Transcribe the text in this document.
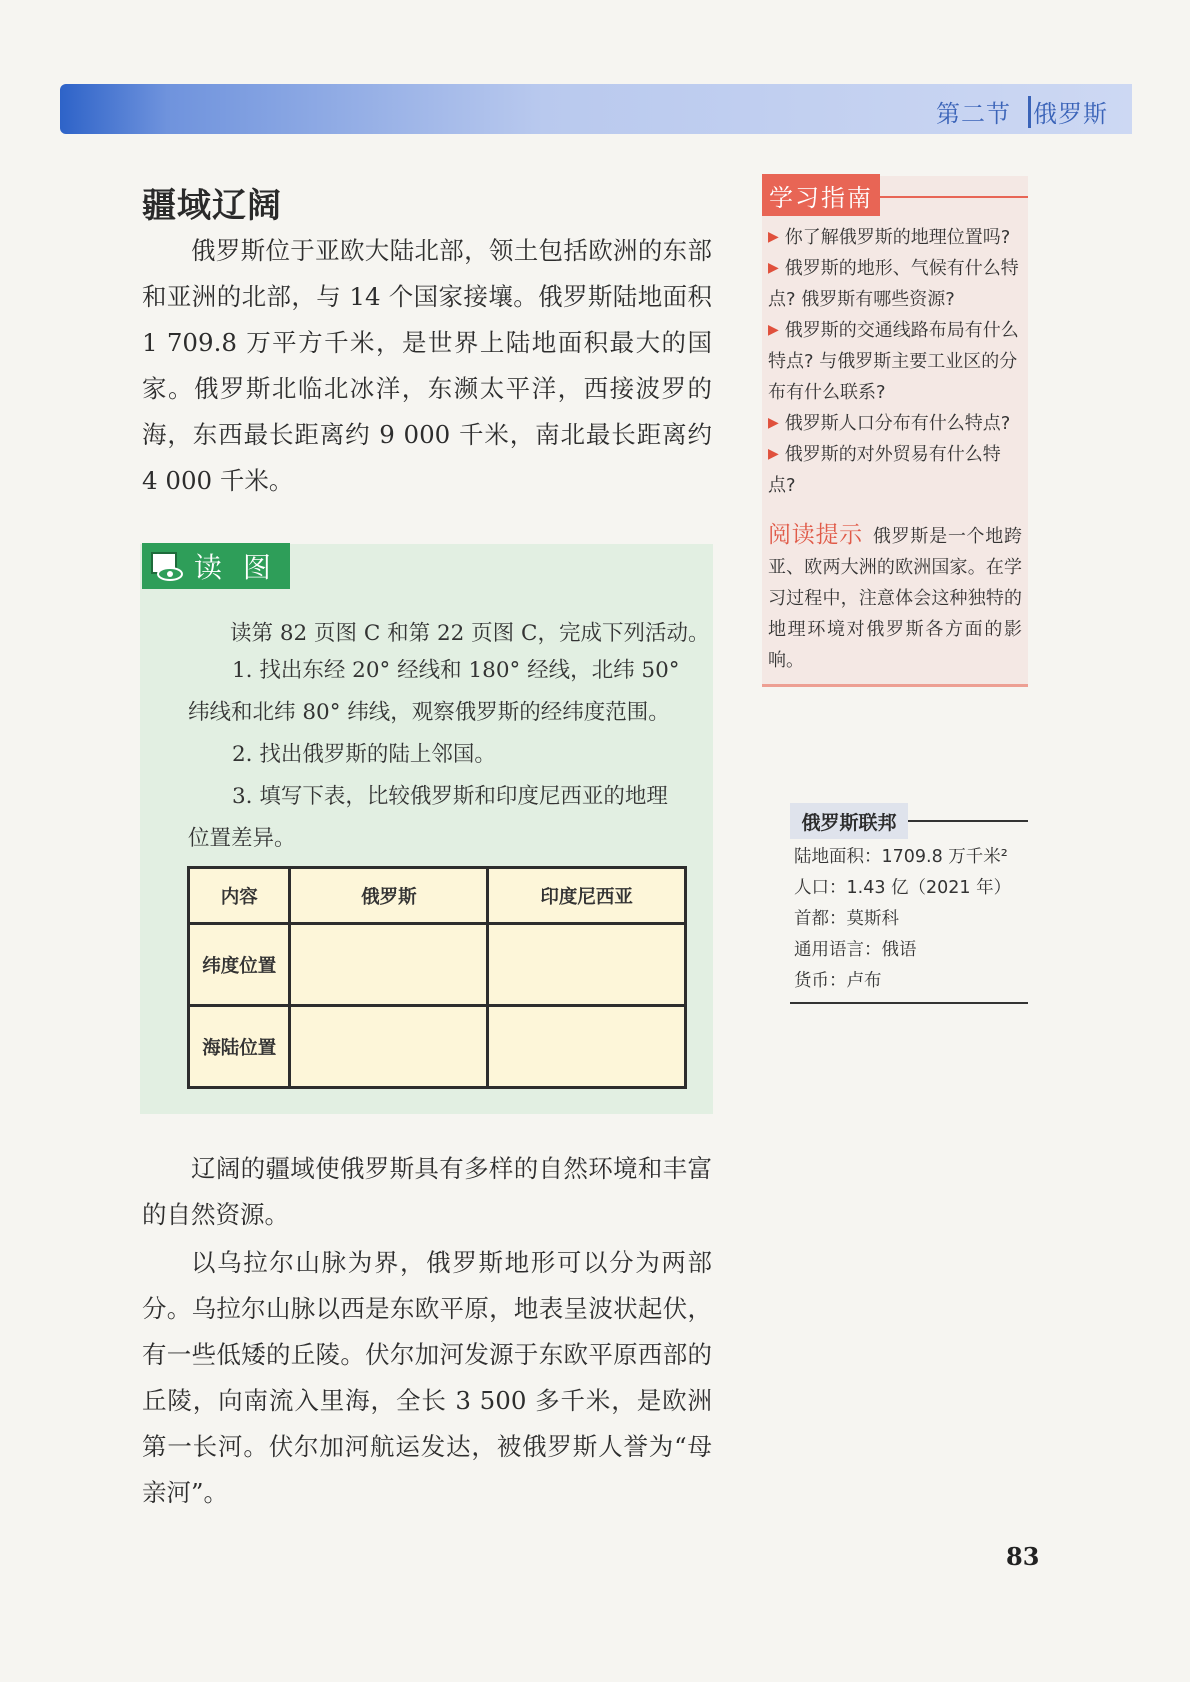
第二节 俄罗斯
疆域辽阔

俄罗斯位于亚欧大陆北部，领土包括欧洲的东部和亚洲的北部，与 14 个国家接壤。俄罗斯陆地面积 1 709.8 万平方千米，是世界上陆地面积最大的国家。俄罗斯北临北冰洋，东濒太平洋，西接波罗的海，东西最长距离约 9 000 千米，南北最长距离约 4 000 千米。

读 图
读第 82 页图 C 和第 22 页图 C，完成下列活动。

1. 找出东经 20° 经线和 180° 经线，北纬 50° 纬线和北纬 80° 纬线，观察俄罗斯的经纬度范围。

2. 找出俄罗斯的陆上邻国。

3. 填写下表，比较俄罗斯和印度尼西亚的地理位置差异。

内容	俄罗斯	印度尼西亚
纬度位置		
海陆位置		

辽阔的疆域使俄罗斯具有多样的自然环境和丰富的自然资源。

以乌拉尔山脉为界，俄罗斯地形可以分为两部分。乌拉尔山脉以西是东欧平原，地表呈波状起伏，有一些低矮的丘陵。伏尔加河发源于东欧平原西部的丘陵，向南流入里海，全长 3 500 多千米，是欧洲第一长河。伏尔加河航运发达，被俄罗斯人誉为“母亲河”。

学习指南
▶ 你了解俄罗斯的地理位置吗?
▶ 俄罗斯的地形、气候有什么特点? 俄罗斯有哪些资源?
▶ 俄罗斯的交通线路布局有什么特点? 与俄罗斯主要工业区的分布有什么联系?
▶ 俄罗斯人口分布有什么特点?
▶ 俄罗斯的对外贸易有什么特点?
阅读提示 俄罗斯是一个地跨亚、欧两大洲的欧洲国家。在学习过程中，注意体会这种独特的地理环境对俄罗斯各方面的影响。
俄罗斯联邦
陆地面积：1709.8 万千米²
人口：1.43 亿（2021 年）
首都：莫斯科
通用语言：俄语
货币：卢布
83
